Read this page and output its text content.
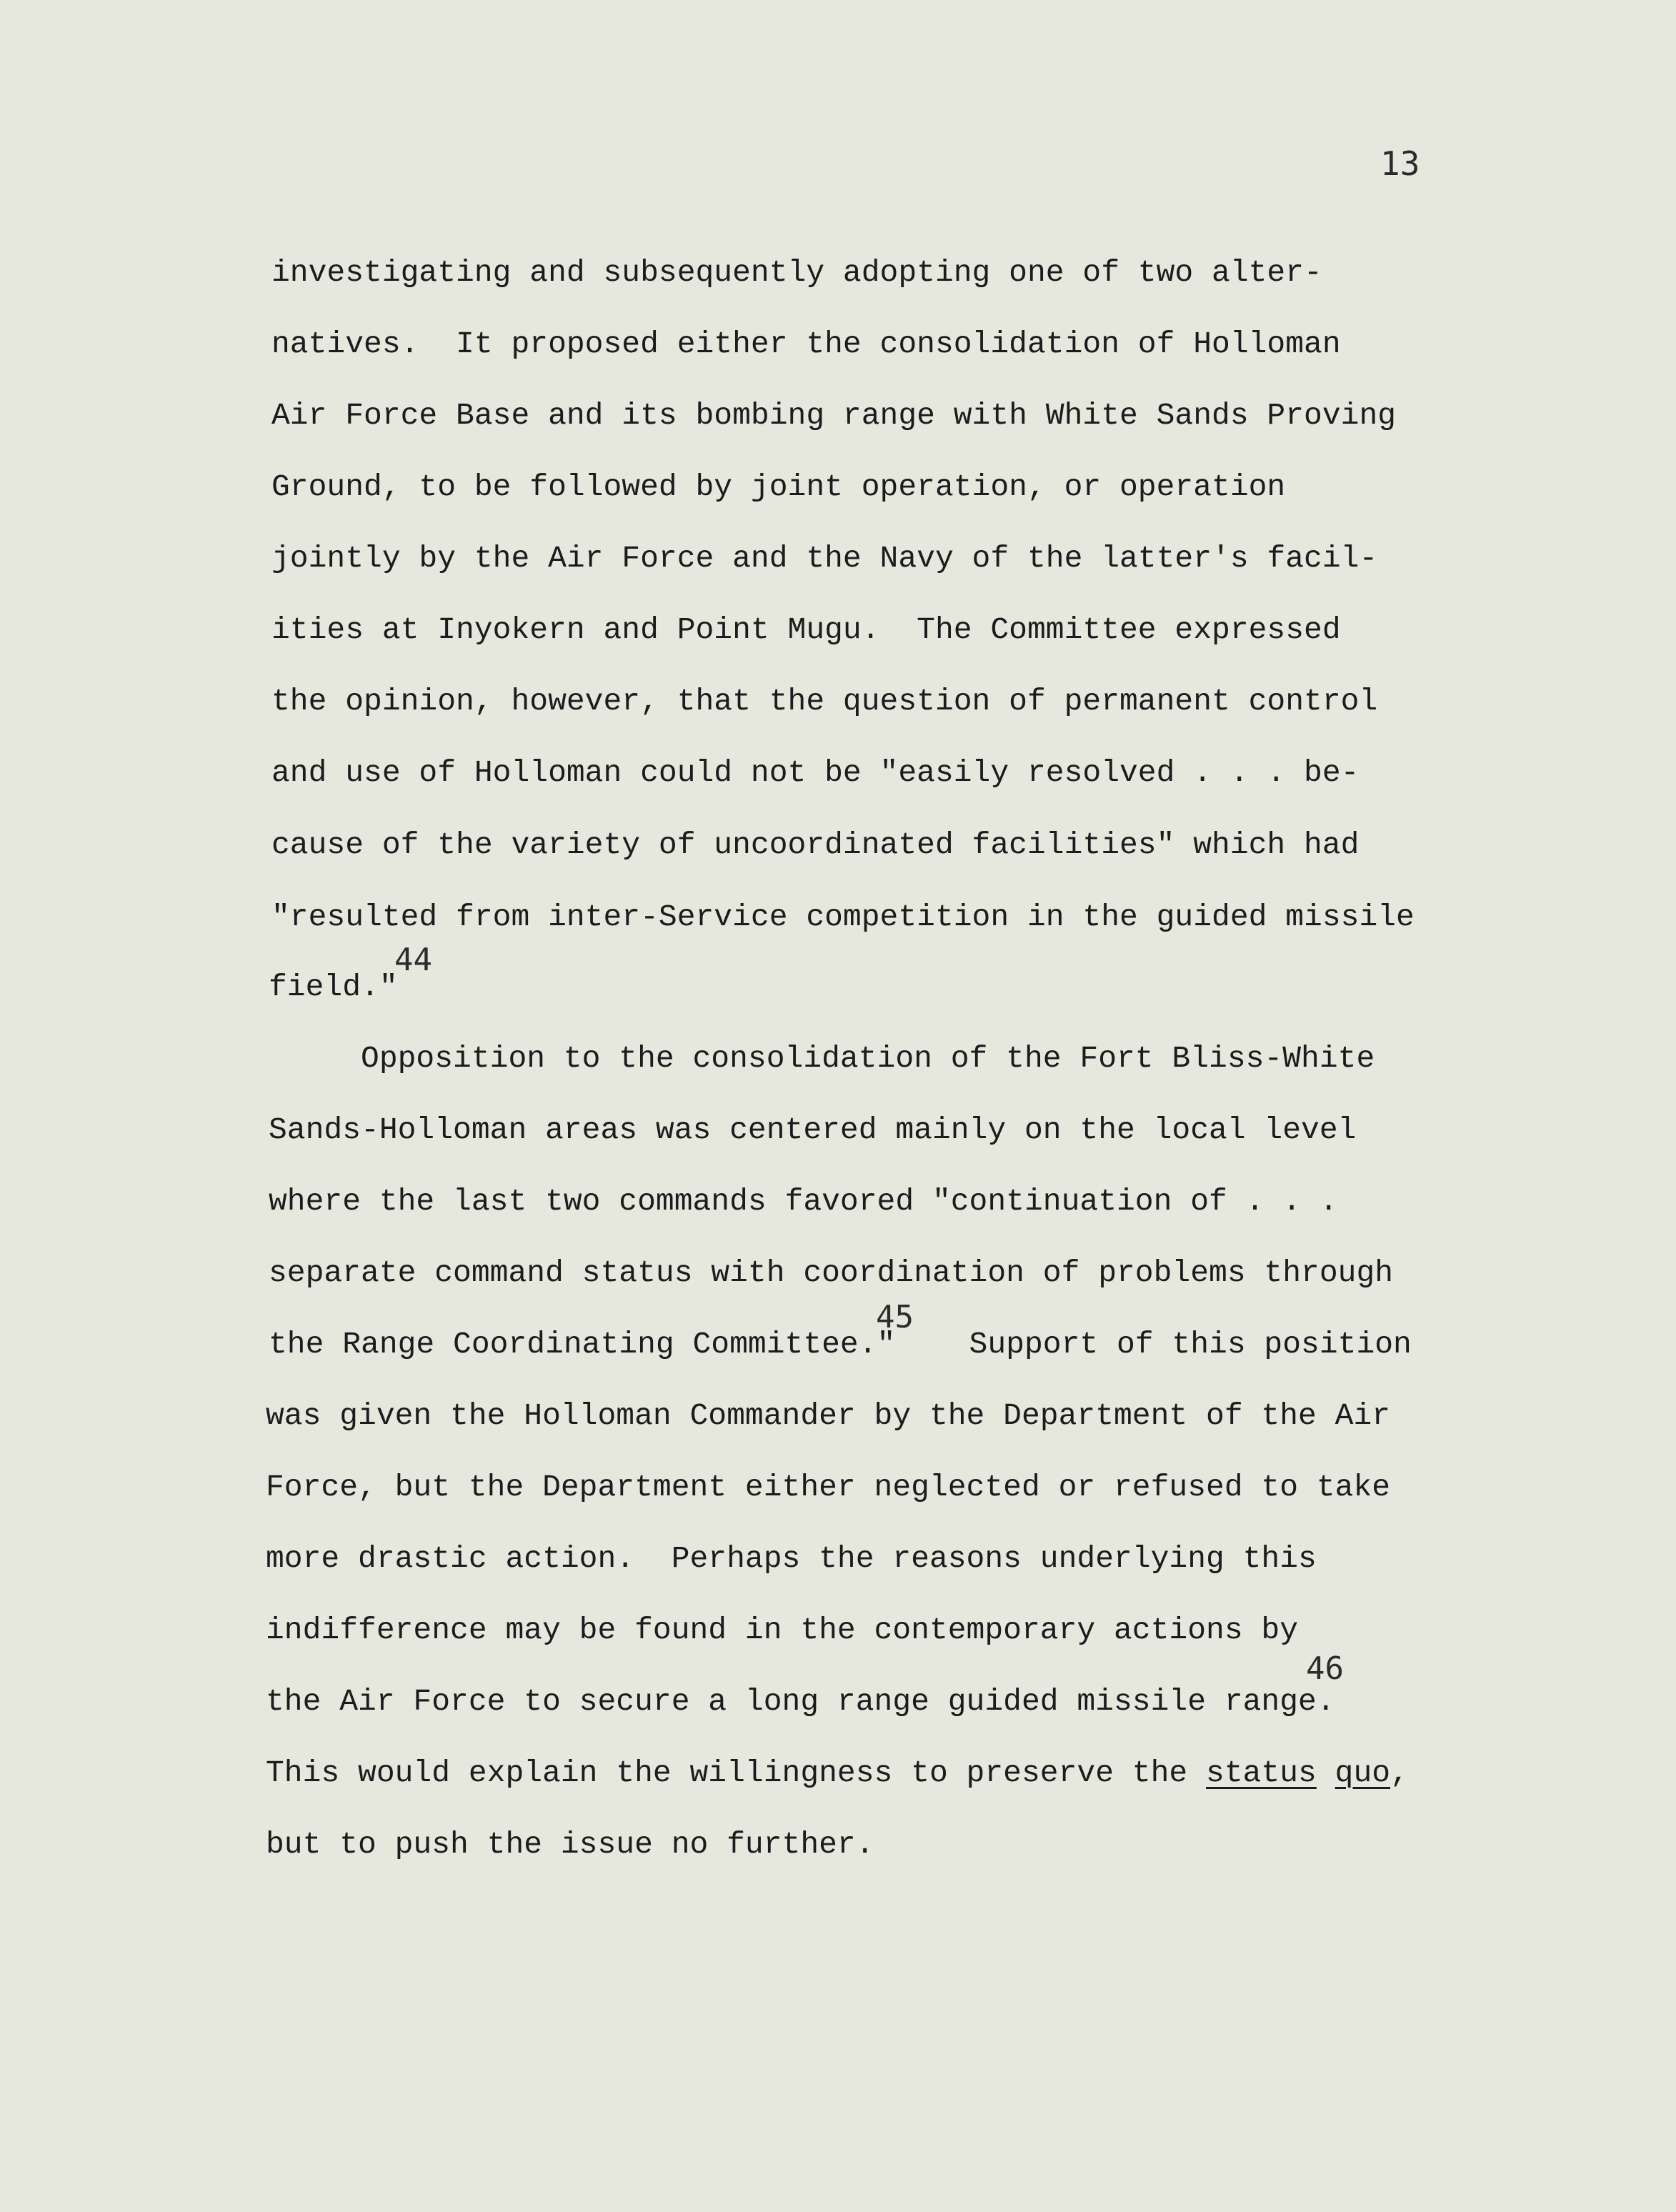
13
investigating and subsequently adopting one of two alter-
natives.  It proposed either the consolidation of Holloman
Air Force Base and its bombing range with White Sands Proving
Ground, to be followed by joint operation, or operation
jointly by the Air Force and the Navy of the latter's facil-
ities at Inyokern and Point Mugu.  The Committee expressed
the opinion, however, that the question of permanent control
and use of Holloman could not be "easily resolved . . . be-
cause of the variety of uncoordinated facilities" which had
"resulted from inter-Service competition in the guided missile
field."
44
Opposition to the consolidation of the Fort Bliss-White
Sands-Holloman areas was centered mainly on the local level
where the last two commands favored "continuation of . . .
separate command status with coordination of problems through
the Range Coordinating Committee."    Support of this position
45
was given the Holloman Commander by the Department of the Air
Force, but the Department either neglected or refused to take
more drastic action.  Perhaps the reasons underlying this
indifference may be found in the contemporary actions by
the Air Force to secure a long range guided missile range.
46
This would explain the willingness to preserve the status quo,
but to push the issue no further.
